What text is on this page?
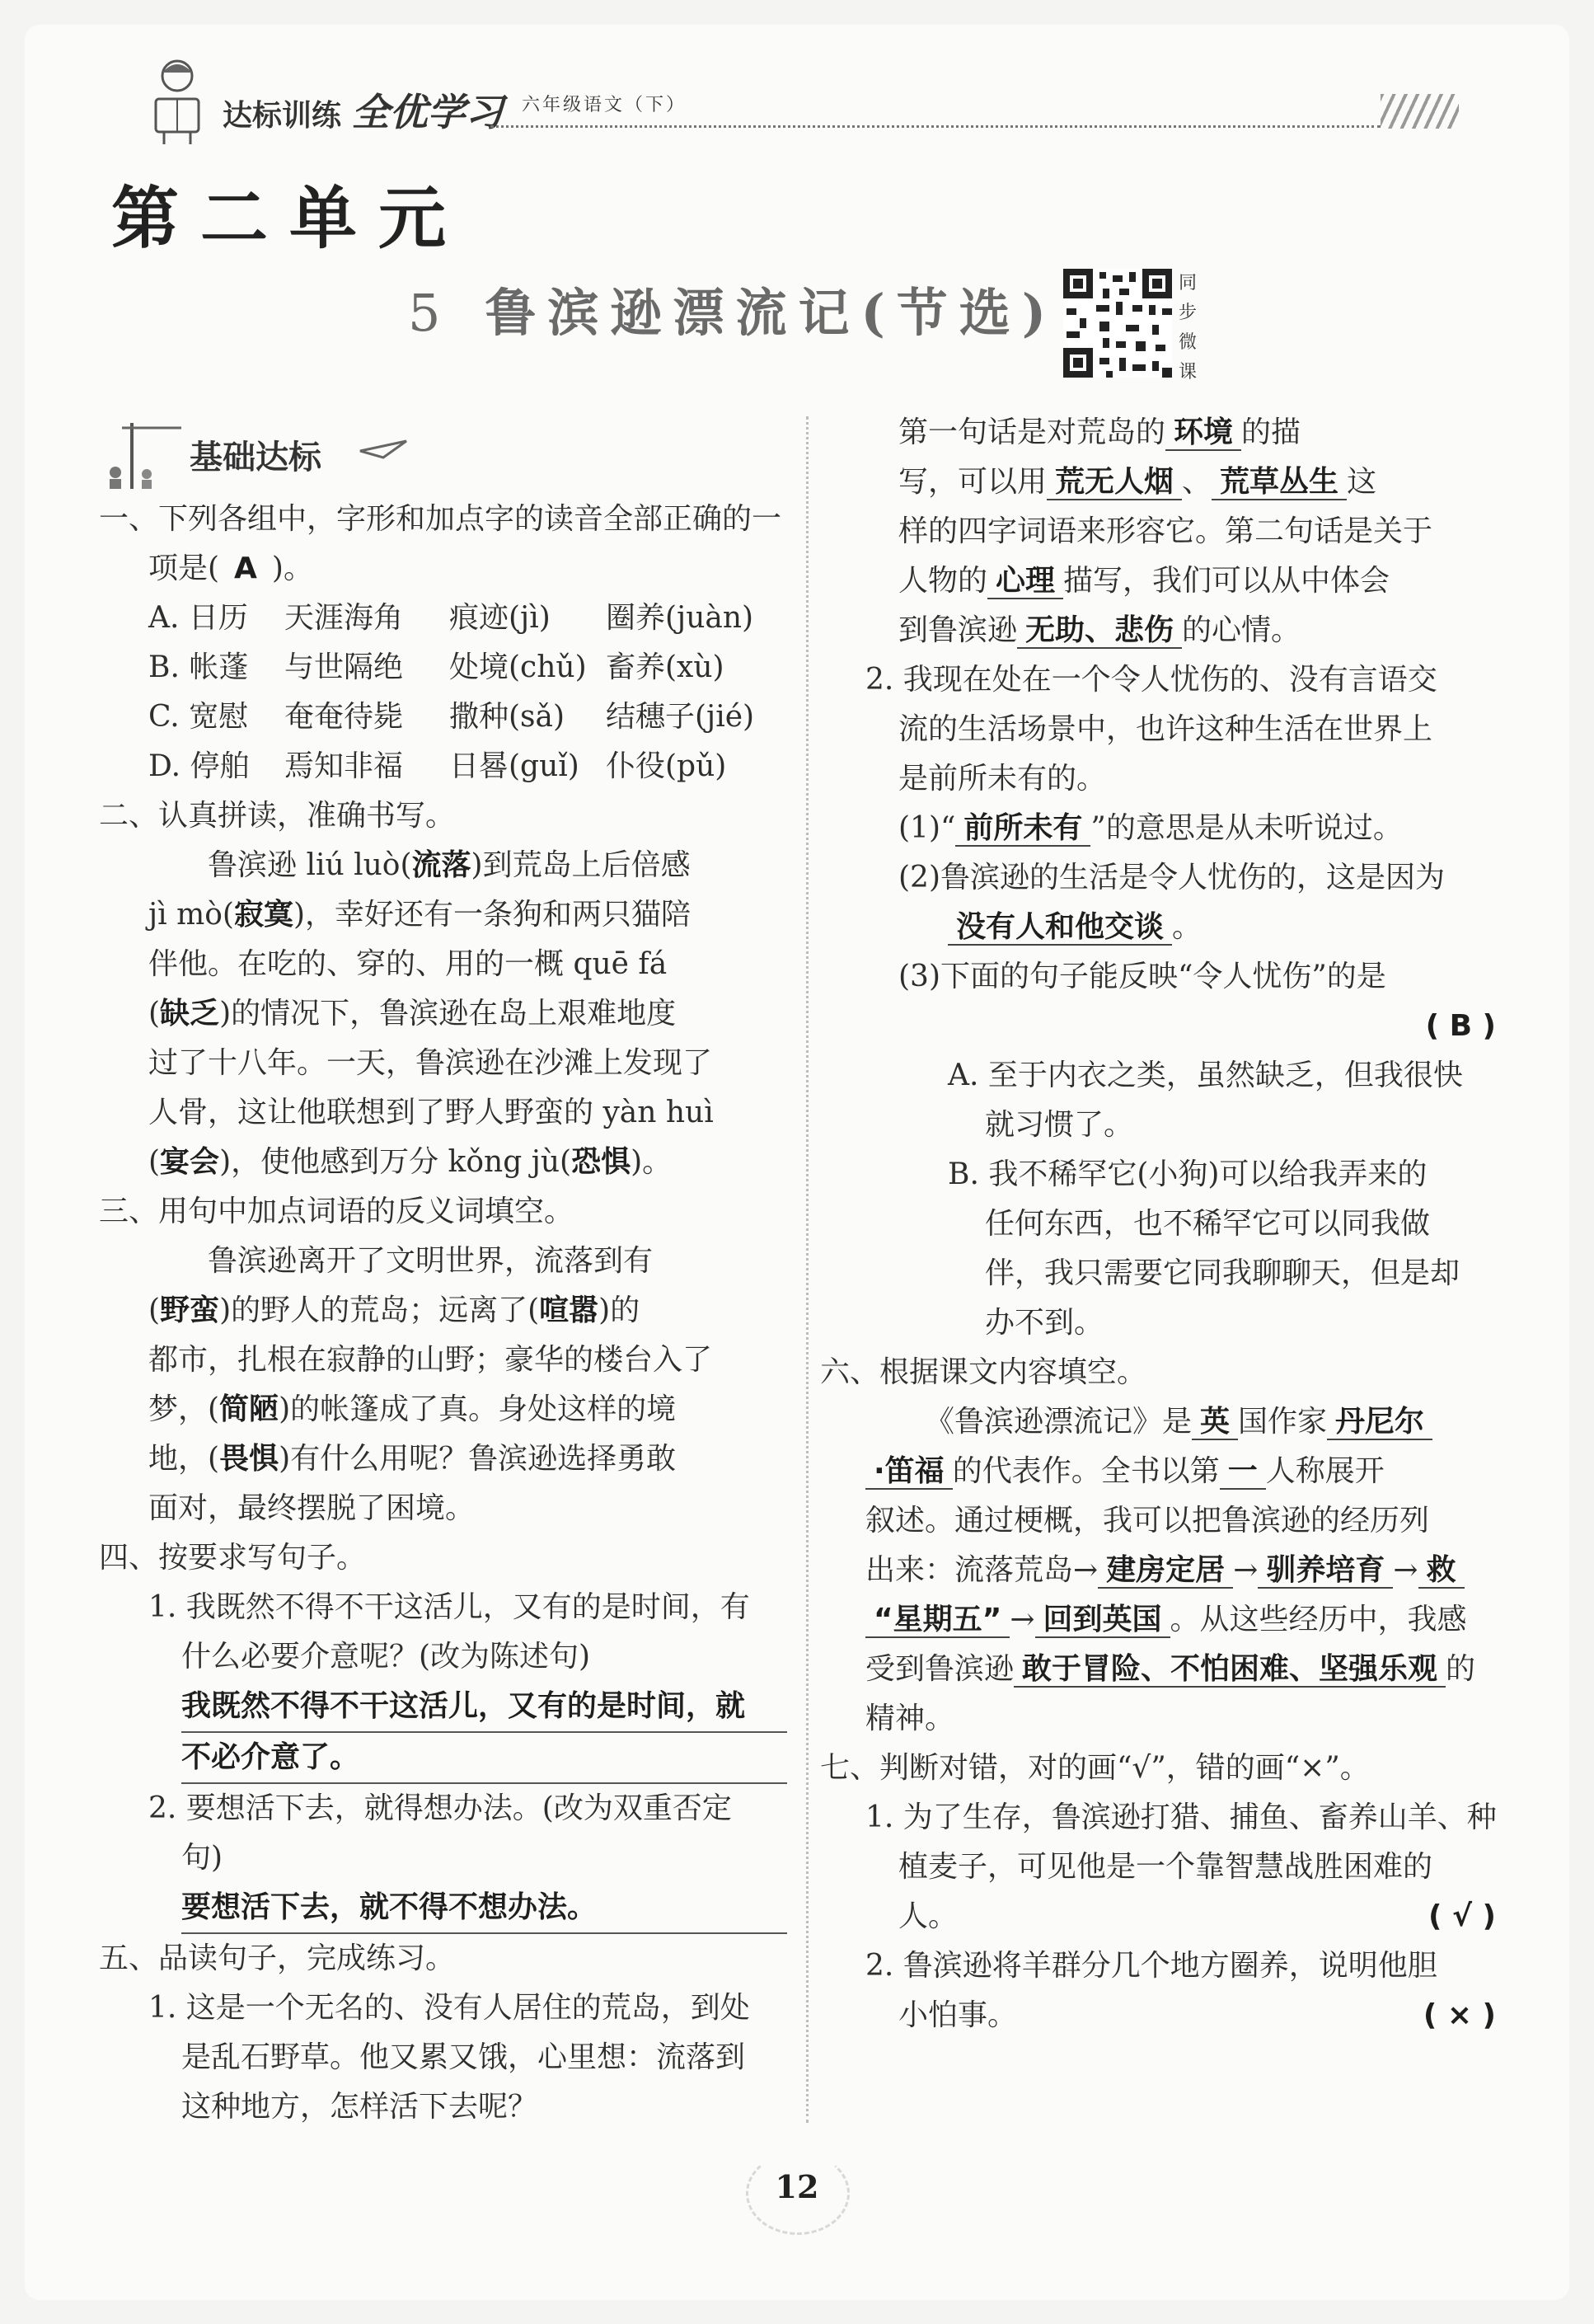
达标训练 全优学习 六年级语文（下）
第二单元
5 鲁滨逊漂流记(节选)	同步微课
基础达标

一、下列各组中，字形和加点字的读音全部正确的一项是( A )。

A. 日历	天涯海角	痕迹(jì)	圈养(juàn)
B. 帐蓬	与世隔绝	处境(chǔ) 畜养(xù)
C. 宽慰	奄奄待毙	撒种(sǎ)	结穗子(jié)
D. 停舶	焉知非福	日晷(guǐ) 仆役(pǔ)

二、认真拼读，准确书写。

鲁滨逊 liú luò(流落)到荒岛上后倍感

jì mò(寂寞)，幸好还有一条狗和两只猫陪

伴他。在吃的、穿的、用的一概 quē fá

(缺乏)的情况下，鲁滨逊在岛上艰难地度

过了十八年。一天，鲁滨逊在沙滩上发现了

人骨，这让他联想到了野人野蛮的 yàn huì

(宴会)，使他感到万分 kǒng jù(恐惧)。

三、用句中加点词语的反义词填空。

鲁滨逊离开了文明世界，流落到有

(野蛮)的野人的荒岛；远离了(喧嚣)的

都市，扎根在寂静的山野；豪华的楼台入了

梦，(简陋)的帐篷成了真。身处这样的境

地，(畏惧)有什么用呢？鲁滨逊选择勇敢

面对，最终摆脱了困境。

四、按要求写句子。

1. 我既然不得不干这活儿，又有的是时间，有

什么必要介意呢？(改为陈述句)

我既然不得不干这活儿，又有的是时间，就

不必介意了。

2. 要想活下去，就得想办法。(改为双重否定

句)

要想活下去，就不得不想办法。

五、品读句子，完成练习。

1. 这是一个无名的、没有人居住的荒岛，到处

是乱石野草。他又累又饿，心里想：流落到

这种地方，怎样活下去呢？

第一句话是对荒岛的 环境 的描

写，可以用 荒无人烟 、 荒草丛生 这

样的四字词语来形容它。第二句话是关于

人物的 心理 描写，我们可以从中体会

到鲁滨逊 无助、悲伤 的心情。

2. 我现在处在一个令人忧伤的、没有言语交

流的生活场景中，也许这种生活在世界上

是前所未有的。

(1)“ 前所未有 ”的意思是从未听说过。

(2)鲁滨逊的生活是令人忧伤的，这是因为

没有人和他交谈 。

(3)下面的句子能反映“令人忧伤”的是

( B )

A. 至于内衣之类，虽然缺乏，但我很快

就习惯了。

B. 我不稀罕它(小狗)可以给我弄来的

任何东西，也不稀罕它可以同我做

伴，我只需要它同我聊聊天，但是却

办不到。

六、根据课文内容填空。

《鲁滨逊漂流记》是 英 国作家 丹尼尔

·笛福 的代表作。全书以第 一 人称展开

叙述。通过梗概，我可以把鲁滨逊的经历列

出来：流落荒岛→ 建房定居 → 驯养培育 → 救

“星期五” → 回到英国 。从这些经历中，我感

受到鲁滨逊 敢于冒险、不怕困难、坚强乐观 的

精神。

七、判断对错，对的画“√”，错的画“×”。

1. 为了生存，鲁滨逊打猎、捕鱼、畜养山羊、种

植麦子，可见他是一个靠智慧战胜困难的

人。	( √ )

2. 鲁滨逊将羊群分几个地方圈养，说明他胆

小怕事。	( × )

12
